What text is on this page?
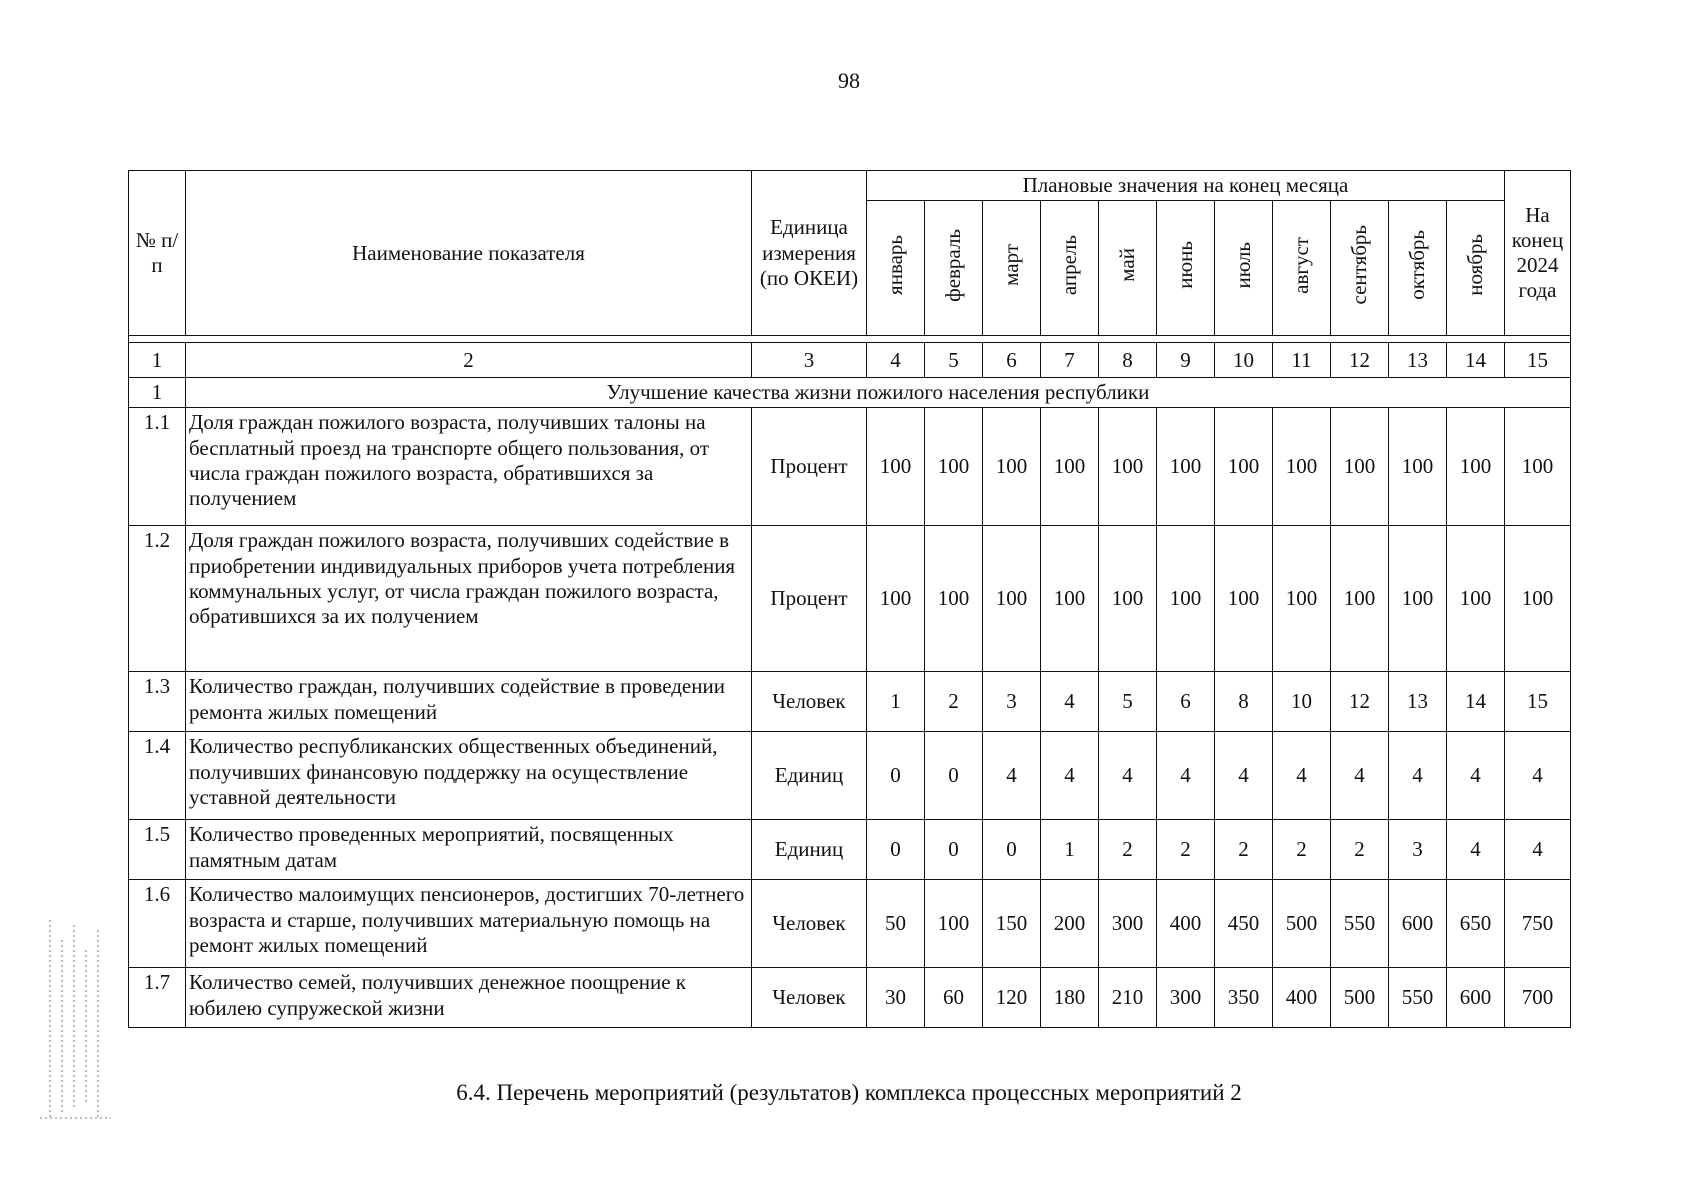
98
№ п/п	Наименование показателя	Единица измерения (по ОКЕИ)	Плановые значения на конец месяца											На конец 2024 года
			январь	февраль	март	апрель	май	июнь	июль	август	сентябрь	октябрь	ноябрь	

1	2	3	4	5	6	7	8	9	10	11	12	13	14	15
1	Улучшение качества жизни пожилого населения республики													
1.1	Доля граждан пожилого возраста, получивших талоны на бесплатный проезд на транспорте общего пользования, от числа граждан пожилого возраста, обратившихся за получением	Процент	100	100	100	100	100	100	100	100	100	100	100	100
1.2	Доля граждан пожилого возраста, получивших содействие в приобретении индивидуальных приборов учета потребления коммунальных услуг, от числа граждан пожилого возраста, обратившихся за их получением	Процент	100	100	100	100	100	100	100	100	100	100	100	100
1.3	Количество граждан, получивших содействие в проведении ремонта жилых помещений	Человек	1	2	3	4	5	6	8	10	12	13	14	15
1.4	Количество республиканских общественных объединений, получивших финансовую поддержку на осуществление уставной деятельности	Единиц	0	0	4	4	4	4	4	4	4	4	4	4
1.5	Количество проведенных мероприятий, посвященных памятным датам	Единиц	0	0	0	1	2	2	2	2	2	3	4	4
1.6	Количество малоимущих пенсионеров, достигших 70-летнего возраста и старше, получивших материальную помощь на ремонт жилых помещений	Человек	50	100	150	200	300	400	450	500	550	600	650	750
1.7	Количество семей, получивших денежное поощрение к юбилею супружеской жизни	Человек	30	60	120	180	210	300	350	400	500	550	600	700
6.4. Перечень мероприятий (результатов) комплекса процессных мероприятий 2
